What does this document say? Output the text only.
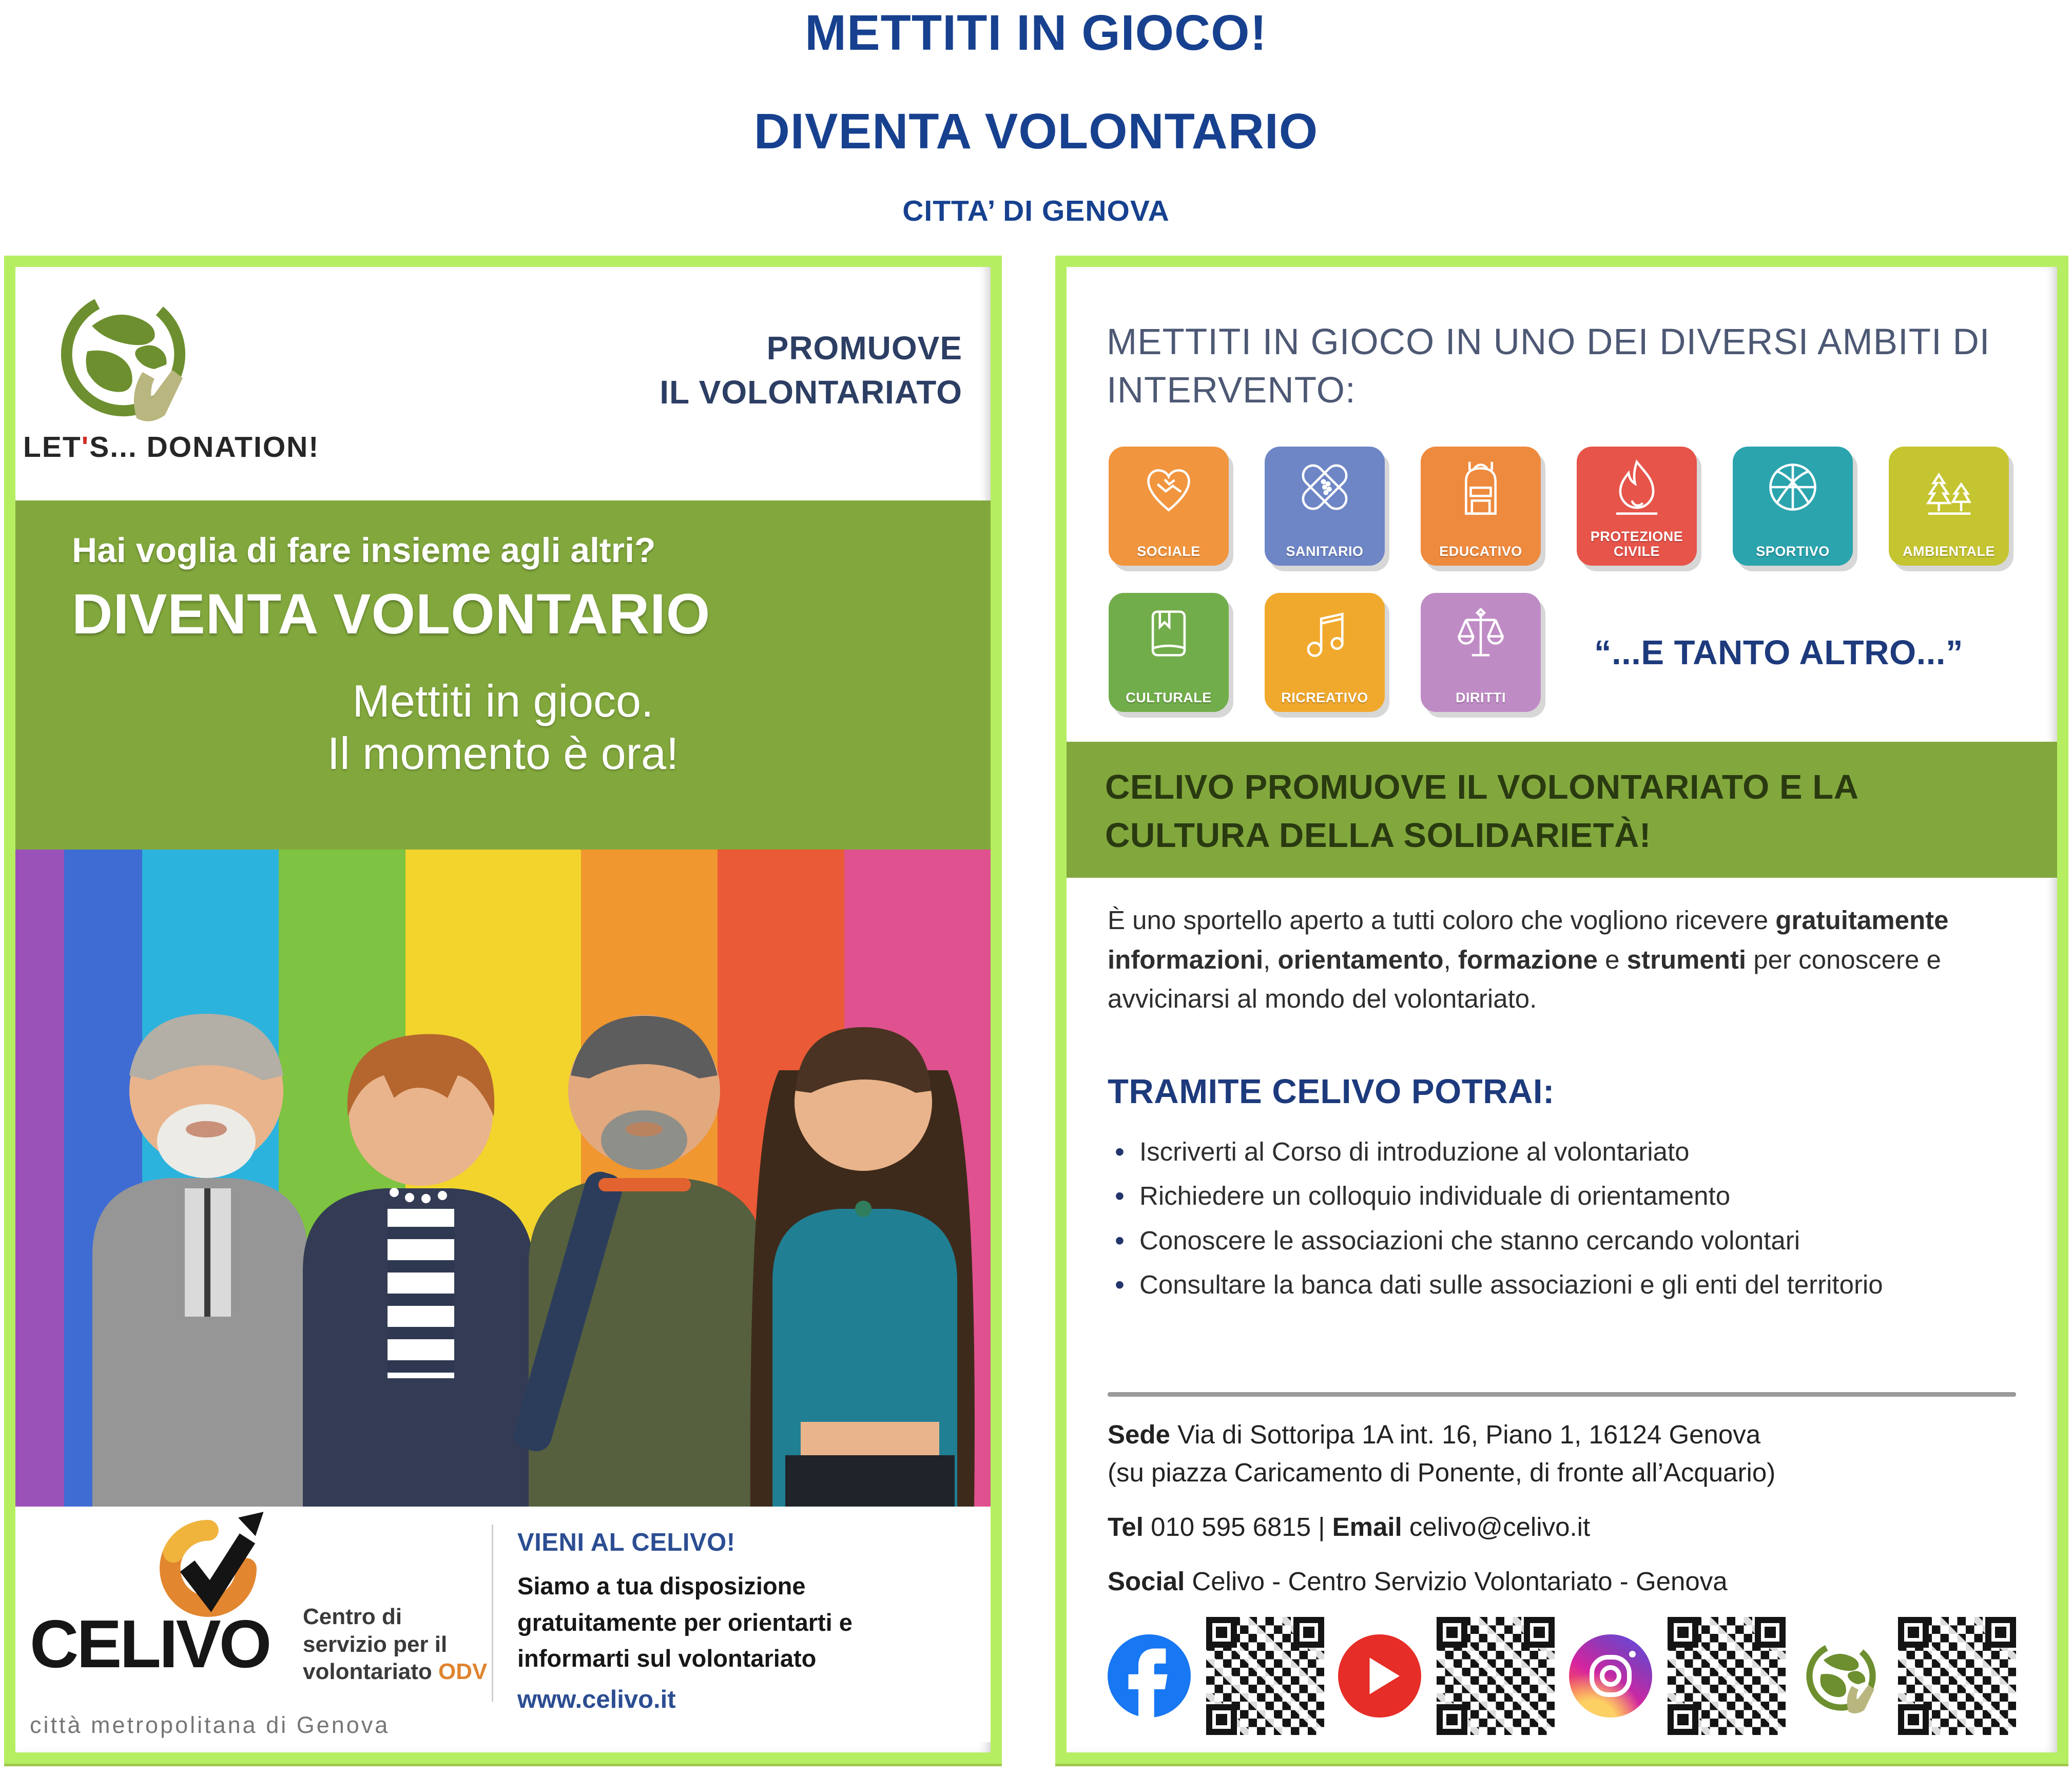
METTITI IN GIOCO!
DIVENTA VOLONTARIO
CITTA’ DI GENOVA
LET'S... DONATION!
PROMUOVE
IL VOLONTARIATO
Hai voglia di fare insieme agli altri?
DIVENTA VOLONTARIO
Mettiti in gioco.
Il momento è ora!
CELIVO Centro di
servizio per il
volontariato ODV
città metropolitana di Genova
VIENI AL CELIVO!
Siamo a tua disposizione gratuitamente per orientarti e informarti sul volontariato
www.celivo.it
METTITI IN GIOCO IN UNO DEI DIVERSI AMBITI DI INTERVENTO:
SOCIALE	SANITARIO	EDUCATIVO
PROTEZIONE CIVILE	SPORTIVO	AMBIENTALE
CULTURALE	RICREATIVO	DIRITTI
“...E TANTO ALTRO...”
CELIVO PROMUOVE IL VOLONTARIATO E LA CULTURA DELLA SOLIDARIETÀ!
È uno sportello aperto a tutti coloro che vogliono ricevere gratuitamente informazioni, orientamento, formazione e strumenti per conoscere e avvicinarsi al mondo del volontariato.
TRAMITE CELIVO POTRAI:
• Iscriverti al Corso di introduzione al volontariato
• Richiedere un colloquio individuale di orientamento
• Conoscere le associazioni che stanno cercando volontari
• Consultare la banca dati sulle associazioni e gli enti del territorio

Sede Via di Sottoripa 1A int. 16, Piano 1, 16124 Genova
(su piazza Caricamento di Ponente, di fronte all’Acquario)

Tel 010 595 6815 | Email celivo@celivo.it

Social Celivo - Centro Servizio Volontariato - Genova
